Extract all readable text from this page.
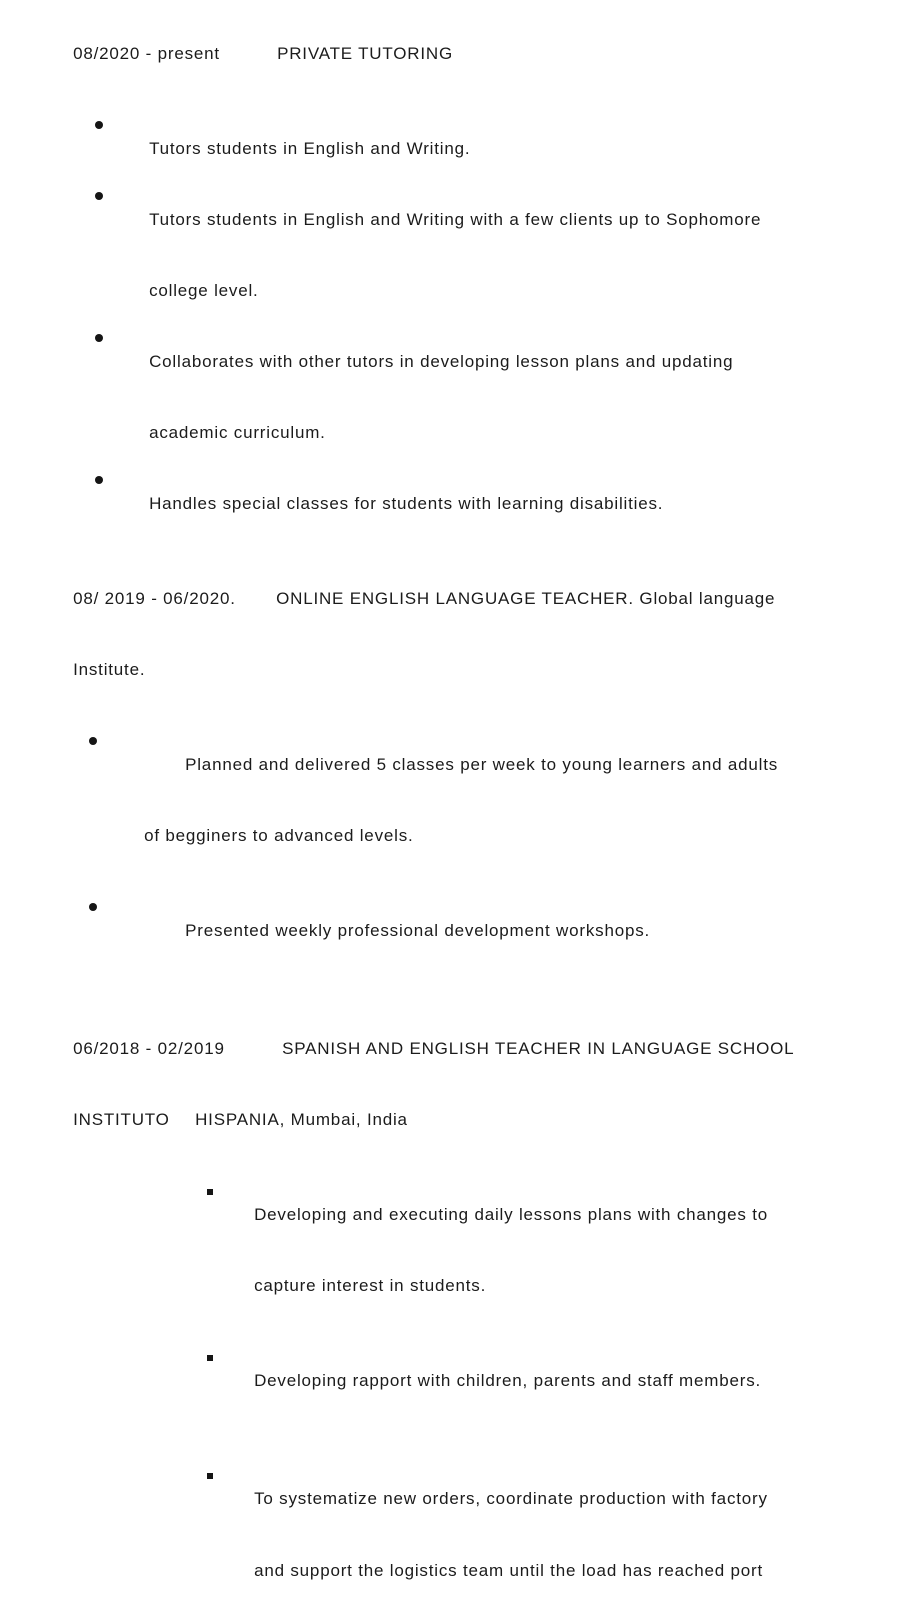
08/2020 - present	PRIVATE TUTORING

Tutors students in English and Writing.

Tutors students in English and Writing with a few clients up to Sophomore

college level.

Collaborates with other tutors in developing lesson plans and updating

academic curriculum.

Handles special classes for students with learning disabilities.

08/ 2019 - 06/2020. ONLINE ENGLISH LANGUAGE TEACHER. Global language

Institute.

Planned and delivered 5 classes per week to young learners and adults

of begginers to advanced levels.

Presented weekly professional development workshops.

06/2018 - 02/2019	SPANISH AND ENGLISH TEACHER IN LANGUAGE SCHOOL

INSTITUTO HISPANIA, Mumbai, India

Developing and executing daily lessons plans with changes to

capture interest in students.

Developing rapport with children, parents and staff members.

To systematize new orders, coordinate production with factory

and support the logistics team until the load has reached port
